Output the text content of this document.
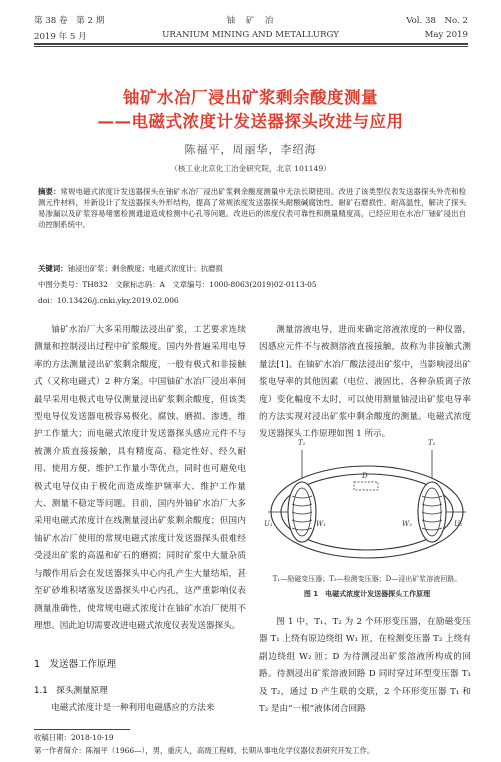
第 38 卷　第 2 期
2019 年 5 月
铀　矿　冶
URANIUM MINING AND METALLURGY
Vol. 38　No. 2
May 2019
铀矿水冶厂浸出矿浆剩余酸度测量
——电磁式浓度计发送器探头改进与应用
陈福平，周丽华，李绍海
（核工业北京化工冶金研究院，北京 101149）
摘要：常规电磁式浓度计发送器探头在铀矿水冶厂浸出矿浆剩余酸度测量中无法长期使用。改进了该类型仪表发送器探头外壳和检测元件材料，并新设计了发送器探头外形结构，提高了常规浓度发送器探头耐酸碱腐蚀性、耐矿石磨损性、耐高温性，解决了探头易渗漏以及矿浆容易堵塞检测通道造成检测中心孔等问题。改进后的浓度仪表可靠性和测量精度高，已经应用在水冶厂铀矿浸出自动控制系统中。
关键词：铀浸出矿浆；剩余酸度；电磁式浓度计；抗磨损
中图分类号：TH832　文献标志码：A　文章编号：1000-8063(2019)02-0113-05
doi：10.13426/j.cnki.yky.2019.02.006

铀矿水冶厂大多采用酸法浸出矿浆，工艺要求连续测量和控制浸出过程中矿浆酸度。国内外普遍采用电导率的方法测量浸出矿浆剩余酸度，一般有极式和非接触式（又称电磁式）2 种方案。中国铀矿水冶厂浸出率间最早采用电极式电导仪测量浸出矿浆剩余酸度，但该类型电导仪发送器电极容易极化、腐蚀、磨损、渗透，维护工作量大；而电磁式浓度计发送器探头感应元件不与被测介质直接接触，具有精度高、稳定性好、经久耐用、使用方便、维护工作量小等优点，同时也可避免电极式电导仪由于极化而造成维护频率大、维护工作量大、测量不稳定等问题。目前，国内外铀矿水冶厂大多采用电磁式浓度计在线测量浸出矿浆剩余酸度；但国内铀矿水冶厂使用的常规电磁式浓度计发送器探头很难经受浸出矿浆的高温和矿石的磨损；同时矿浆中大量杂质与酸作用后会在发送器探头中心内孔产生大量结垢，甚至矿砂堆积堵塞发送器探头中心内孔，这严重影响仪表测量准确性，使常规电磁式浓度计在铀矿水冶厂使用不理想。因此迫切需要改进电磁式浓度仪表发送器探头。

1　发送器工作原理
1.1　探头测量原理

电磁式浓度计是一种利用电磁感应的方法来

测量溶液电导，进而来确定溶液浓度的一种仪器，因感应元件不与被测溶液直接接触，故称为非接触式测量法[1]。在铀矿水冶厂酸法浸出矿浆中，当影响浸出矿浆电导率的其他因素（电位、液固比、各种杂质离子浓度）变化幅度不太时，可以使用测量铀浸出矿浆电导率的方法实现对浸出矿浆中剩余酸度的测量。电磁式浓度发送器探头工作原理如图 1 所示。

T₁	T₂
D
U₁	W₁	W₂	U₂
T₁—励磁变压器；T₂—检测变压器；D—浸出矿浆溶液回路。
图 1　电磁式浓度计发送器探头工作原理

图 1 中，T₁、T₂ 为 2 个环形变压器，在励磁变压器 T₁ 上绕有原边绕组 W₁ 匝，在检测变压器 T₂ 上绕有副边绕组 W₂ 匝；D 为待测浸出矿浆溶液所构成的回路。待测浸出矿浆溶液回路 D 同时穿过环型变压器 T₁ 及 T₂，通过 D 产生联的交联，2 个环形变压器 T₁ 和 T₂ 是由“一根”液体闭合回路

收稿日期：2018-10-19
第一作者简介：陈福平（1966—），男，重庆人，高级工程师，长期从事电化学仪器仪表研究开发工作。
